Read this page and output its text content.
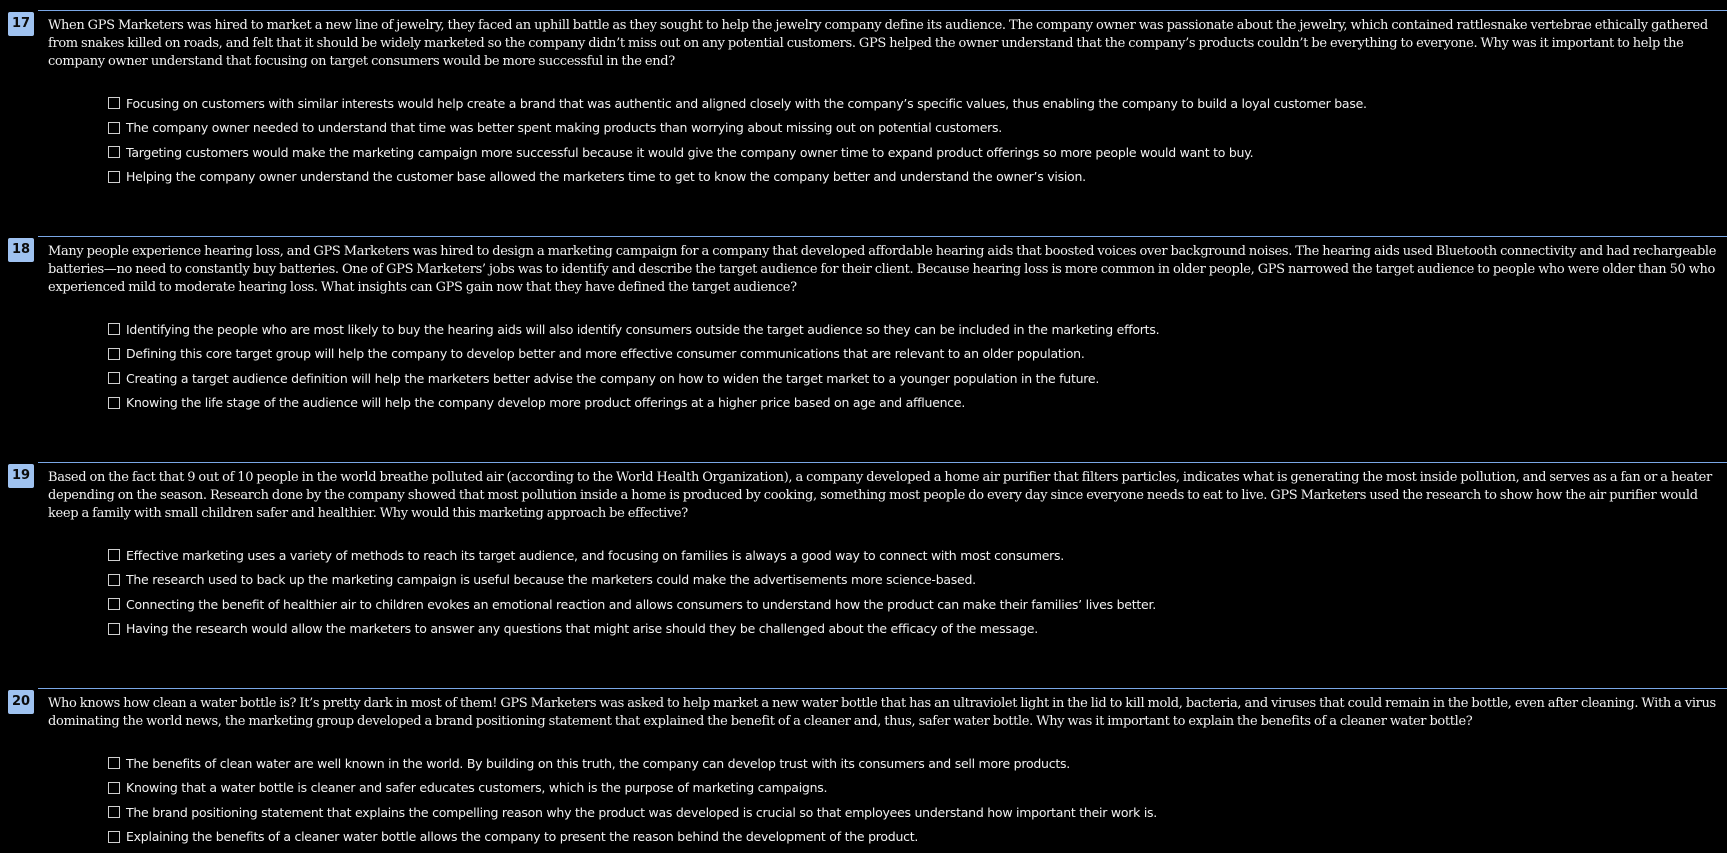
17	When GPS Marketers was hired to market a new line of jewelry, they faced an uphill battle as they sought to help the jewelry company define its audience. The company owner was passionate about the jewelry, which contained rattlesnake vertebrae ethically gathered from snakes killed on roads, and felt that it should be widely marketed so the company didn’t miss out on any potential customers. GPS helped the owner understand that the company’s products couldn’t be everything to everyone. Why was it important to help the company owner understand that focusing on target consumers would be more successful in the end?
Focusing on customers with similar interests would help create a brand that was authentic and aligned closely with the company’s specific values, thus enabling the company to build a loyal customer base.
The company owner needed to understand that time was better spent making products than worrying about missing out on potential customers.
Targeting customers would make the marketing campaign more successful because it would give the company owner time to expand product offerings so more people would want to buy.
Helping the company owner understand the customer base allowed the marketers time to get to know the company better and understand the owner’s vision.
18	Many people experience hearing loss, and GPS Marketers was hired to design a marketing campaign for a company that developed affordable hearing aids that boosted voices over background noises. The hearing aids used Bluetooth connectivity and had rechargeable batteries—no need to constantly buy batteries. One of GPS Marketers’ jobs was to identify and describe the target audience for their client. Because hearing loss is more common in older people, GPS narrowed the target audience to people who were older than 50 who experienced mild to moderate hearing loss. What insights can GPS gain now that they have defined the target audience?
Identifying the people who are most likely to buy the hearing aids will also identify consumers outside the target audience so they can be included in the marketing efforts.
Defining this core target group will help the company to develop better and more effective consumer communications that are relevant to an older population.
Creating a target audience definition will help the marketers better advise the company on how to widen the target market to a younger population in the future.
Knowing the life stage of the audience will help the company develop more product offerings at a higher price based on age and affluence.
19	Based on the fact that 9 out of 10 people in the world breathe polluted air (according to the World Health Organization), a company developed a home air purifier that filters particles, indicates what is generating the most inside pollution, and serves as a fan or a heater depending on the season. Research done by the company showed that most pollution inside a home is produced by cooking, something most people do every day since everyone needs to eat to live. GPS Marketers used the research to show how the air purifier would keep a family with small children safer and healthier. Why would this marketing approach be effective?
Effective marketing uses a variety of methods to reach its target audience, and focusing on families is always a good way to connect with most consumers.
The research used to back up the marketing campaign is useful because the marketers could make the advertisements more science-based.
Connecting the benefit of healthier air to children evokes an emotional reaction and allows consumers to understand how the product can make their families’ lives better.
Having the research would allow the marketers to answer any questions that might arise should they be challenged about the efficacy of the message.
20	Who knows how clean a water bottle is? It’s pretty dark in most of them! GPS Marketers was asked to help market a new water bottle that has an ultraviolet light in the lid to kill mold, bacteria, and viruses that could remain in the bottle, even after cleaning. With a virus dominating the world news, the marketing group developed a brand positioning statement that explained the benefit of a cleaner and, thus, safer water bottle. Why was it important to explain the benefits of a cleaner water bottle?
The benefits of clean water are well known in the world. By building on this truth, the company can develop trust with its consumers and sell more products.
Knowing that a water bottle is cleaner and safer educates customers, which is the purpose of marketing campaigns.
The brand positioning statement that explains the compelling reason why the product was developed is crucial so that employees understand how important their work is.
Explaining the benefits of a cleaner water bottle allows the company to present the reason behind the development of the product.
